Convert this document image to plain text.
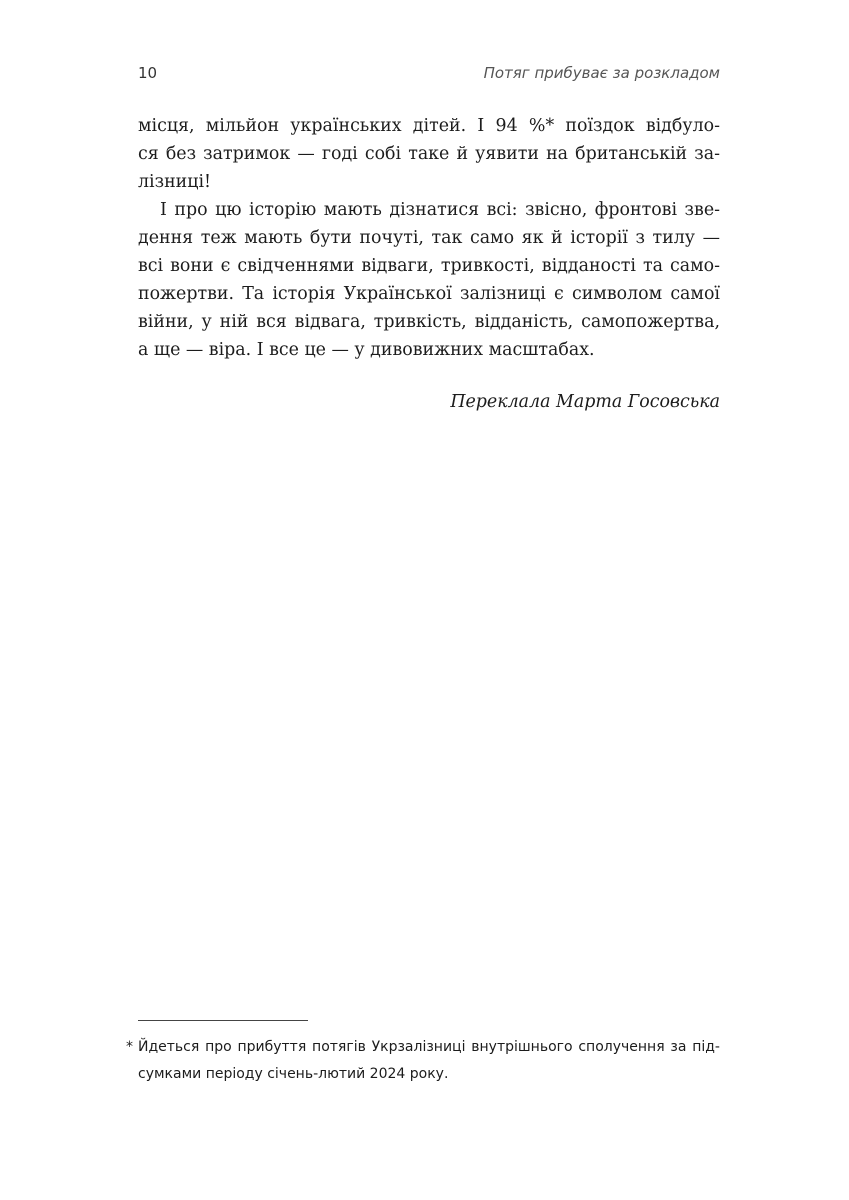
10	Потяг прибуває за розкладом
місця, мільйон українських дітей. І 94 %* поїздок відбуло-
ся без затримок — годі собі таке й уявити на британській за-
лізниці!
І про цю історію мають дізнатися всі: звісно, фронтові зве-
дення теж мають бути почуті, так само як й історії з тилу —
всі вони є свідченнями відваги, тривкості, відданості та само-
пожертви. Та історія Української залізниці є символом самої
війни, у ній вся відвага, тривкість, відданість, самопожертва,
а ще — віра. І все це — у дивовижних масштабах.
Переклала Марта Госовська
* Йдеться про прибуття потягів Укрзалізниці внутрішнього сполучення за під-
сумками періоду січень-лютий 2024 року.
